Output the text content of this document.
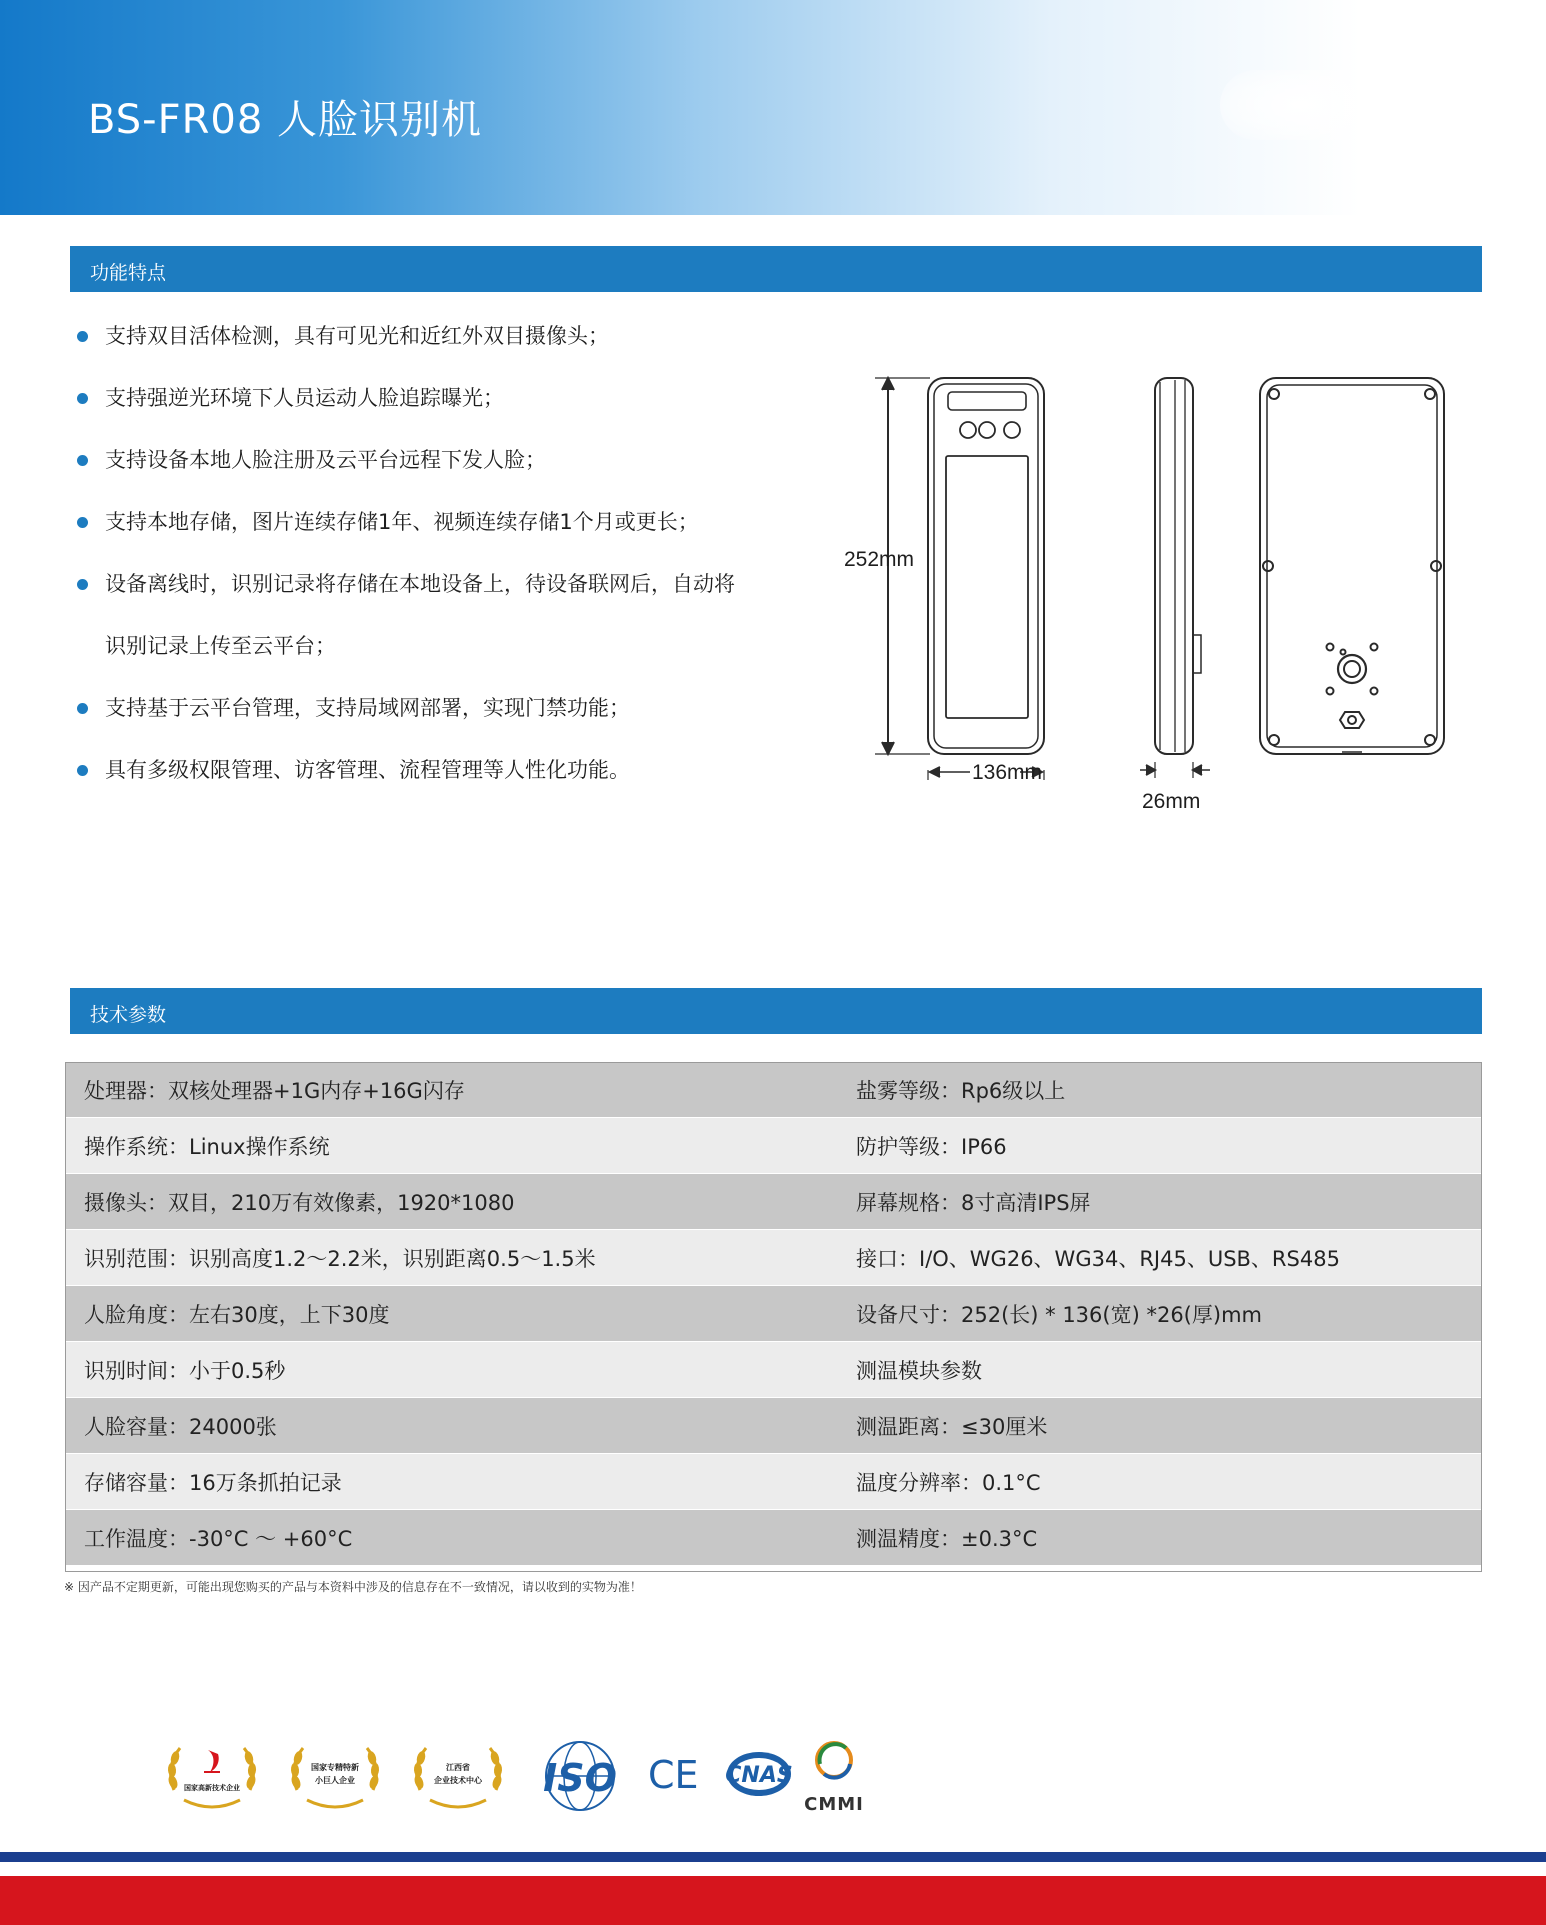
BS-FR08 人脸识别机
功能特点
支持双目活体检测，具有可见光和近红外双目摄像头；
支持强逆光环境下人员运动人脸追踪曝光；
支持设备本地人脸注册及云平台远程下发人脸；
支持本地存储，图片连续存储1年、视频连续存储1个月或更长；
设备离线时，识别记录将存储在本地设备上，待设备联网后，自动将
识别记录上传至云平台；
支持基于云平台管理，支持局域网部署，实现门禁功能；
具有多级权限管理、访客管理、流程管理等人性化功能。
252mm
136mm
26mm
技术参数
处理器：双核处理器+1G内存+16G闪存	盐雾等级：Rp6级以上
操作系统：Linux操作系统	防护等级：IP66
摄像头：双目，210万有效像素，1920*1080	屏幕规格：8寸高清IPS屏
识别范围：识别高度1.2～2.2米，识别距离0.5～1.5米	接口：I/O、WG26、WG34、RJ45、USB、RS485
人脸角度：左右30度，上下30度	设备尺寸：252(长) * 136(宽) *26(厚)mm
识别时间：小于0.5秒	测温模块参数
人脸容量：24000张	测温距离：≤30厘米
存储容量：16万条抓拍记录	温度分辨率：0.1°C
工作温度：-30°C ～ +60°C	测温精度：±0.3°C
※ 因产品不定期更新，可能出现您购买的产品与本资料中涉及的信息存在不一致情况，请以收到的实物为准！
国家高新技术企业
国家专精特新
小巨人企业
江西省
企业技术中心 ISO CE CNAS
CMMI
